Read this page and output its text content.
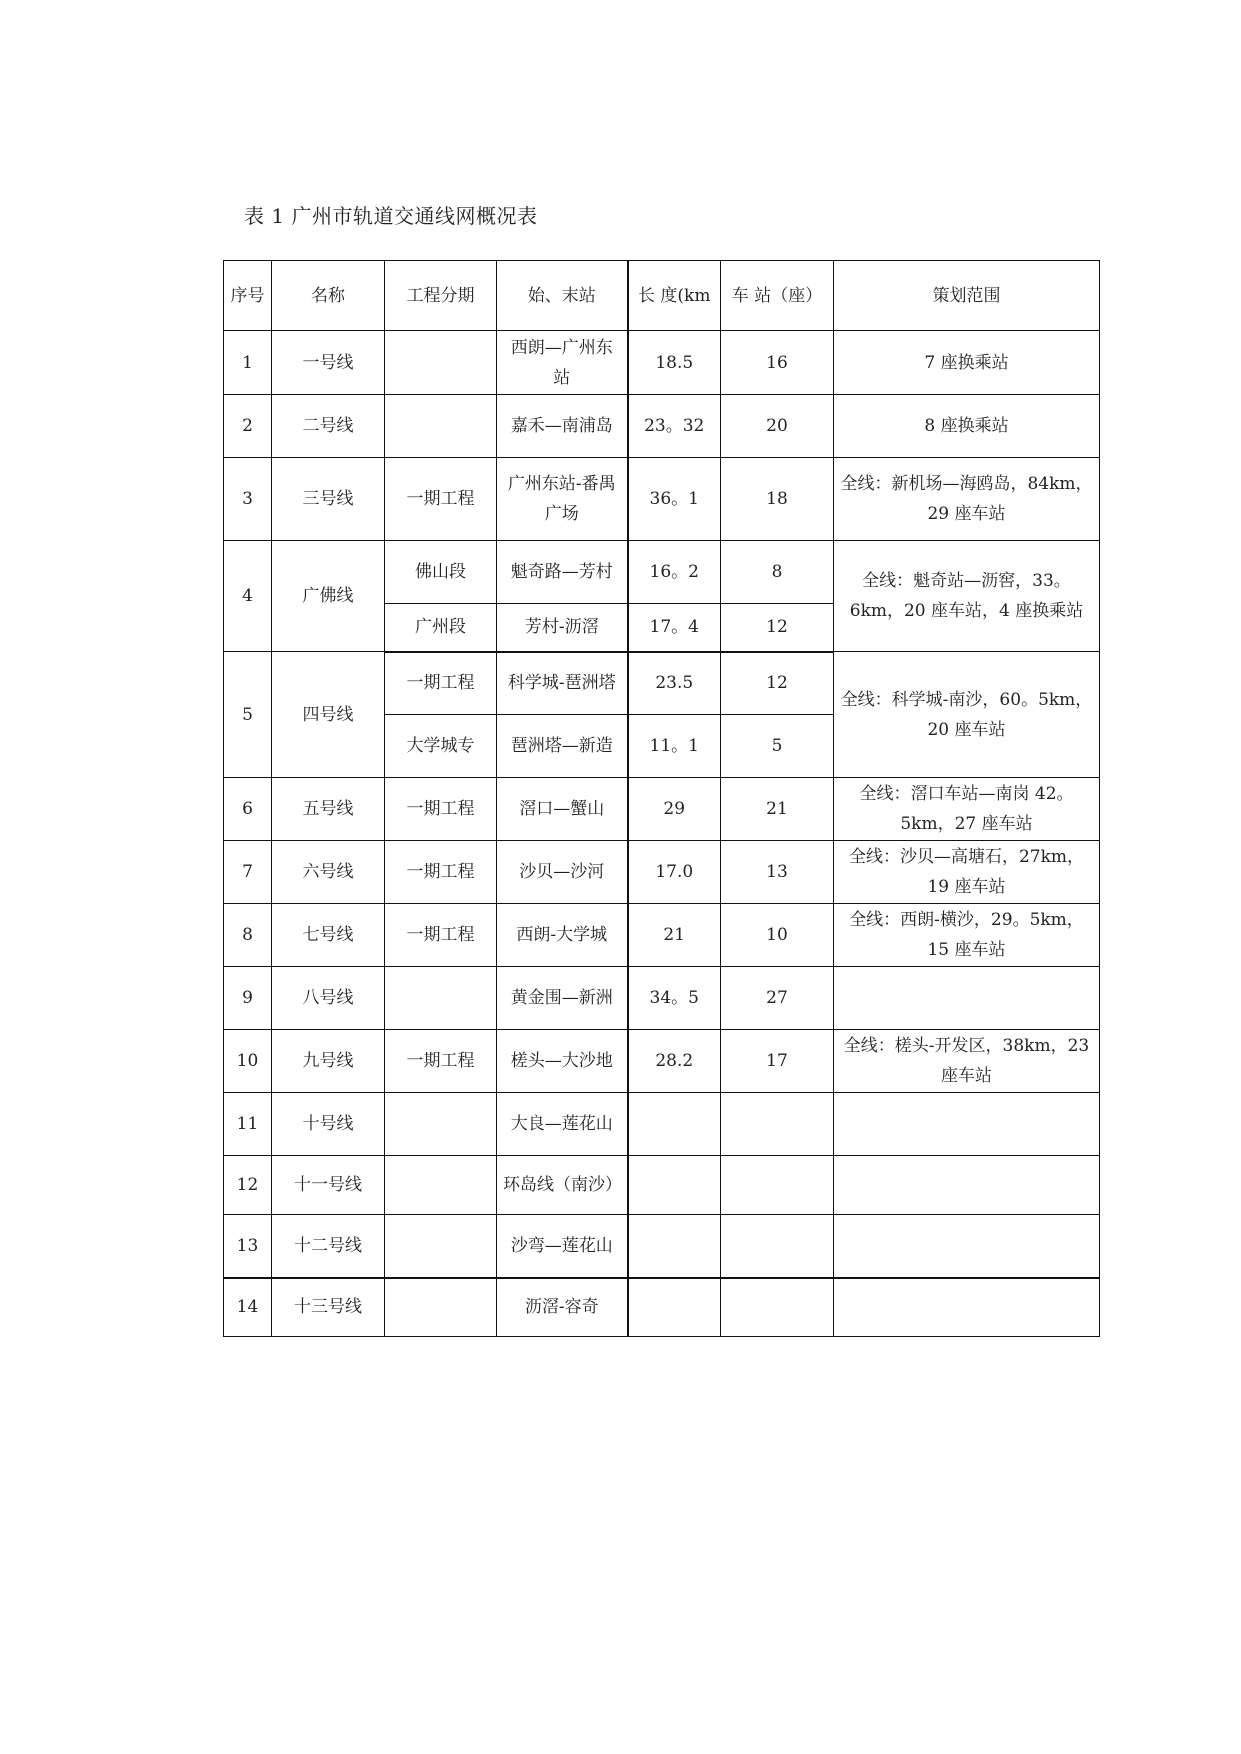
表 1 广州市轨道交通线网概况表
序号	名称	工程分期	始、末站	长 度(km	车 站（座）	策划范围
1	一号线		西朗—广州东站	18.5	16	7 座换乘站
2	二号线		嘉禾—南浦岛	23。32	20	8 座换乘站
3	三号线	一期工程	广州东站-番禺广场	36。1	18	全线：新机场—海鸥岛，84km，29 座车站
4	广佛线	佛山段	魁奇路—芳村	16。2	8	全线：魁奇站—沥窖，33。6km，20 座车站，4 座换乘站
		广州段	芳村-沥滘	17。4	12	
5	四号线	一期工程	科学城-琶洲塔	23.5	12	全线：科学城-南沙，60。5km，20 座车站
		大学城专	琶洲塔—新造	11。1	5	
6	五号线	一期工程	滘口—蟹山	29	21	全线：滘口车站—南岗 42。5km，27 座车站
7	六号线	一期工程	沙贝—沙河	17.0	13	全线：沙贝—高塘石，27km，19 座车站
8	七号线	一期工程	西朗-大学城	21	10	全线：西朗-横沙，29。5km，15 座车站
9	八号线		黄金围—新洲	34。5	27	
10	九号线	一期工程	槎头—大沙地	28.2	17	全线：槎头-开发区，38km，23 座车站
11	十号线		大良—莲花山			
12	十一号线		环岛线（南沙）			
13	十二号线		沙弯—莲花山			
14	十三号线		沥滘-容奇			
